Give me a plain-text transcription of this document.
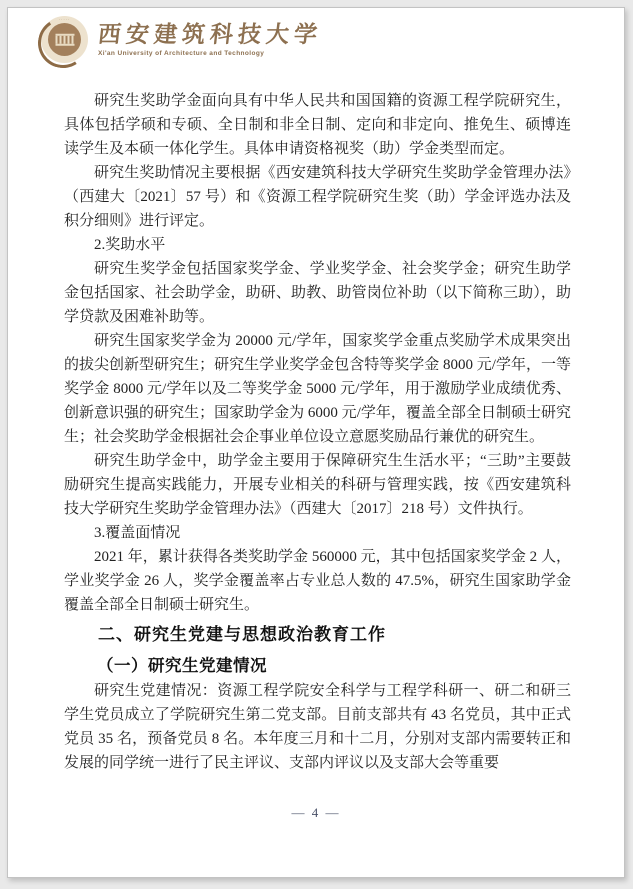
·····
西安建筑科技大学
Xi'an University of Architecture and Technology

研究生奖助学金面向具有中华人民共和国国籍的资源工程学院研究生，具体包括学硕和专硕、全日制和非全日制、定向和非定向、推免生、硕博连读学生及本硕一体化学生。具体申请资格视奖（助）学金类型而定。

研究生奖助情况主要根据《西安建筑科技大学研究生奖助学金管理办法》（西建大〔2021〕57 号）和《资源工程学院研究生奖（助）学金评选办法及积分细则》进行评定。

2.奖助水平

研究生奖学金包括国家奖学金、学业奖学金、社会奖学金；研究生助学金包括国家、社会助学金，助研、助教、助管岗位补助（以下简称三助），助学贷款及困难补助等。

研究生国家奖学金为 20000 元/学年，国家奖学金重点奖励学术成果突出的拔尖创新型研究生；研究生学业奖学金包含特等奖学金 8000 元/学年，一等奖学金 8000 元/学年以及二等奖学金 5000 元/学年，用于激励学业成绩优秀、创新意识强的研究生；国家助学金为 6000 元/学年，覆盖全部全日制硕士研究生；社会奖助学金根据社会企事业单位设立意愿奖励品行兼优的研究生。

研究生助学金中，助学金主要用于保障研究生生活水平；“三助”主要鼓励研究生提高实践能力，开展专业相关的科研与管理实践，按《西安建筑科技大学研究生奖助学金管理办法》（西建大〔2017〕218 号）文件执行。

3.覆盖面情况

2021 年，累计获得各类奖助学金 560000 元，其中包括国家奖学金 2 人，学业奖学金 26 人，奖学金覆盖率占专业总人数的 47.5%，研究生国家助学金覆盖全部全日制硕士研究生。

二、研究生党建与思想政治教育工作
（一）研究生党建情况

研究生党建情况：资源工程学院安全科学与工程学科研一、研二和研三学生党员成立了学院研究生第二党支部。目前支部共有 43 名党员，其中正式党员 35 名，预备党员 8 名。本年度三月和十二月，分别对支部内需要转正和发展的同学统一进行了民主评议、支部内评议以及支部大会等重要

— 4 —
